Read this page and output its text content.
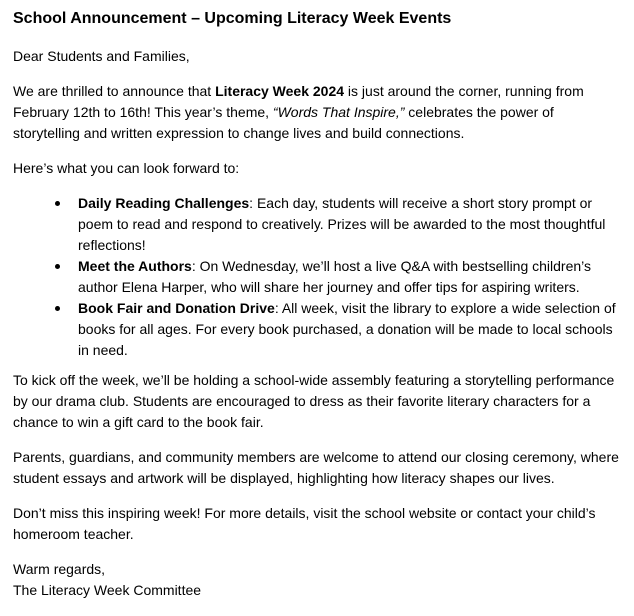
School Announcement – Upcoming Literacy Week Events

Dear Students and Families,

We are thrilled to announce that Literacy Week 2024 is just around the corner, running from February 12th to 16th! This year’s theme, “Words That Inspire,” celebrates the power of storytelling and written expression to change lives and build connections.

Here’s what you can look forward to:

Daily Reading Challenges: Each day, students will receive a short story prompt or poem to read and respond to creatively. Prizes will be awarded to the most thoughtful reflections!
Meet the Authors: On Wednesday, we’ll host a live Q&A with bestselling children’s author Elena Harper, who will share her journey and offer tips for aspiring writers.
Book Fair and Donation Drive: All week, visit the library to explore a wide selection of books for all ages. For every book purchased, a donation will be made to local schools in need.

To kick off the week, we’ll be holding a school-wide assembly featuring a storytelling performance by our drama club. Students are encouraged to dress as their favorite literary characters for a chance to win a gift card to the book fair.

Parents, guardians, and community members are welcome to attend our closing ceremony, where student essays and artwork will be displayed, highlighting how literacy shapes our lives.

Don’t miss this inspiring week! For more details, visit the school website or contact your child’s homeroom teacher.

Warm regards,
The Literacy Week Committee
